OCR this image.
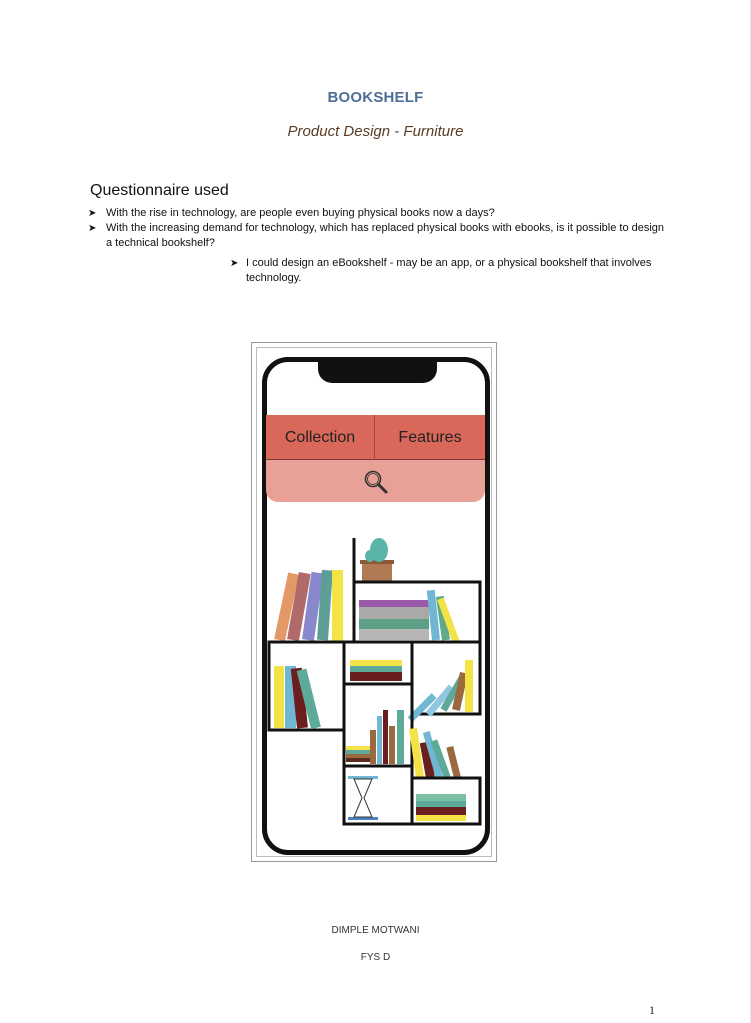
BOOKSHELF
Product Design - Furniture
Questionnaire used
➤ With the rise in technology, are people even buying physical books now a days?
➤ With the increasing demand for technology, which has replaced physical books with ebooks, is it possible to design a technical bookshelf?
➤ I could design an eBookshelf - may be an app, or a physical bookshelf that involves technology.
Collection	Features
DIMPLE MOTWANI
FYS D
1
